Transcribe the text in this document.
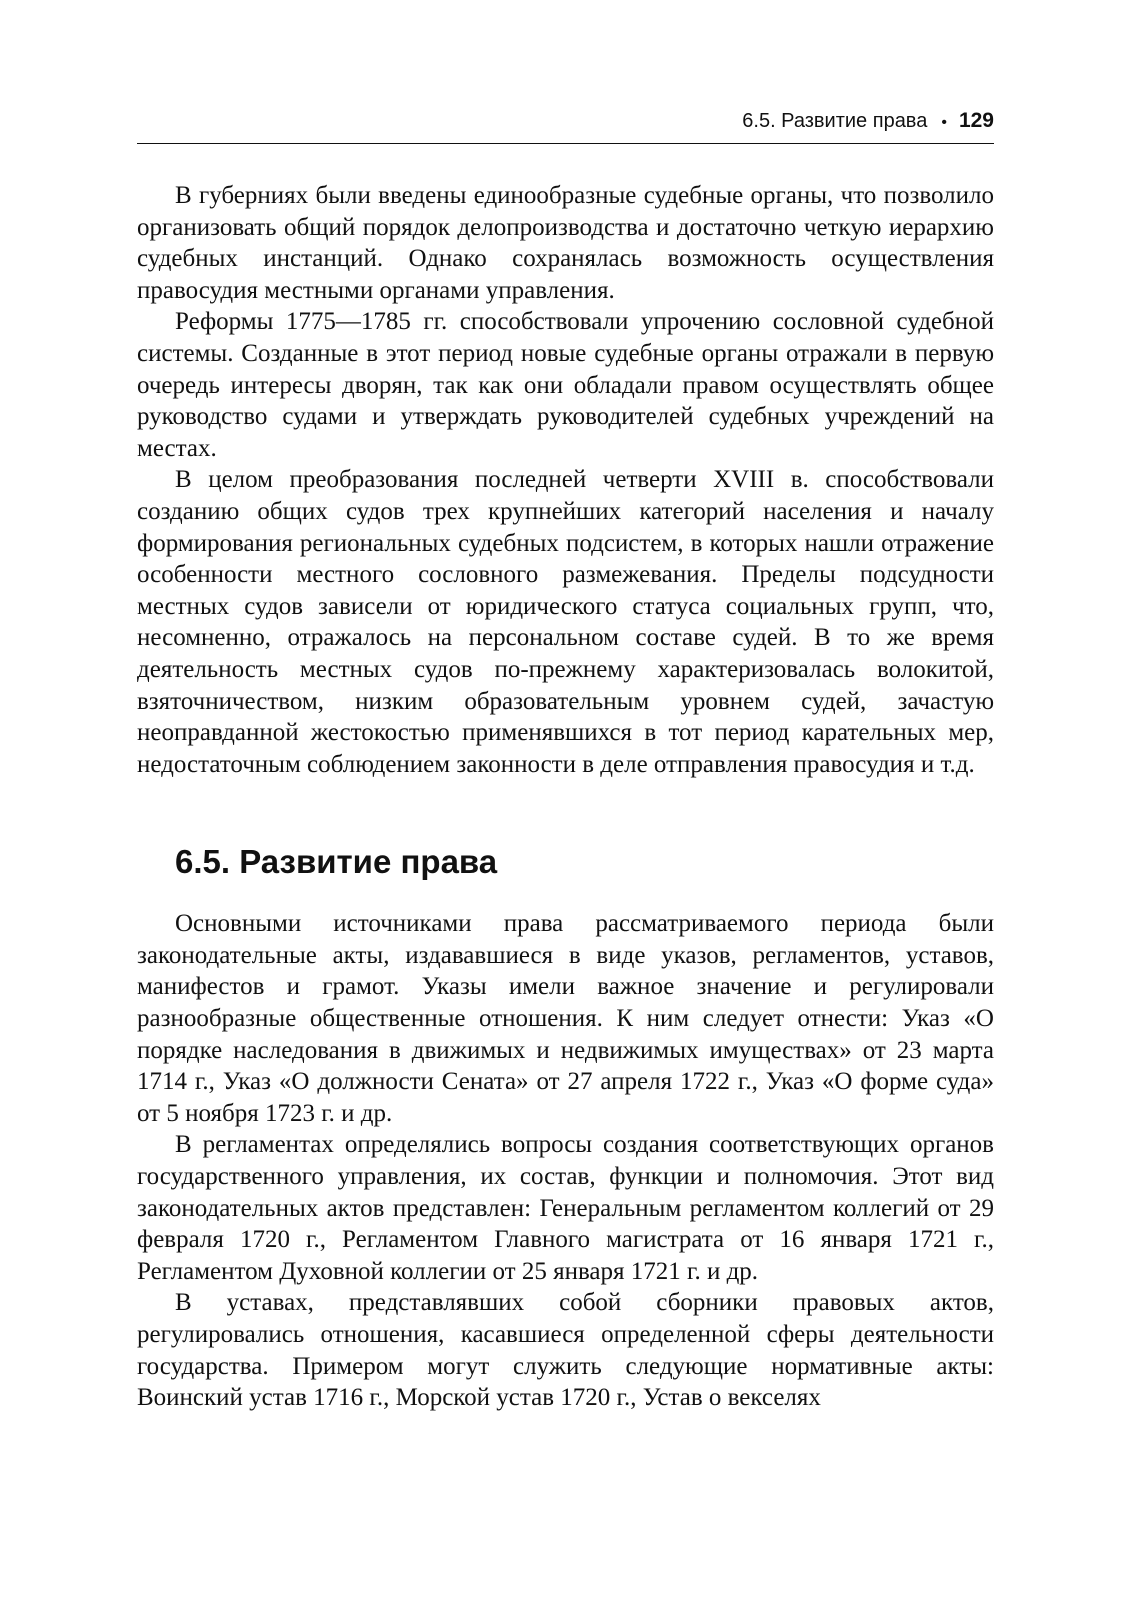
6.5. Развитие права • 129

В губерниях были введены единообразные судебные органы, что позволило организовать общий порядок делопроизводства и достаточно четкую иерархию судебных инстанций. Однако сохранялась возможность осуществления правосудия местными органами управления.

Реформы 1775—1785 гг. способствовали упрочению сословной судебной системы. Созданные в этот период новые судебные органы отражали в первую очередь интересы дворян, так как они обладали правом осуществлять общее руководство судами и утверждать руководителей судебных учреждений на местах.

В целом преобразования последней четверти XVIII в. способствовали созданию общих судов трех крупнейших категорий населения и началу формирования региональных судебных подсистем, в которых нашли отражение особенности местного сословного размежевания. Пределы подсудности местных судов зависели от юридического статуса социальных групп, что, несомненно, отражалось на персональном составе судей. В то же время деятельность местных судов по-прежнему характеризовалась волокитой, взяточничеством, низким образовательным уровнем судей, зачастую неоправданной жестокостью применявшихся в тот период карательных мер, недостаточным соблюдением законности в деле отправления правосудия и т.д.

6.5. Развитие права

Основными источниками права рассматриваемого периода были законодательные акты, издававшиеся в виде указов, регламентов, уставов, манифестов и грамот. Указы имели важное значение и регулировали разнообразные общественные отношения. К ним следует отнести: Указ «О порядке наследования в движимых и недвижимых имуществах» от 23 марта 1714 г., Указ «О должности Сената» от 27 апреля 1722 г., Указ «О форме суда» от 5 ноября 1723 г. и др.

В регламентах определялись вопросы создания соответствующих органов государственного управления, их состав, функции и полномочия. Этот вид законодательных актов представлен: Генеральным регламентом коллегий от 29 февраля 1720 г., Регламентом Главного магистрата от 16 января 1721 г., Регламентом Духовной коллегии от 25 января 1721 г. и др.

В уставах, представлявших собой сборники правовых актов, регулировались отношения, касавшиеся определенной сферы деятельности государства. Примером могут служить следующие нормативные акты: Воинский устав 1716 г., Морской устав 1720 г., Устав о векселях
